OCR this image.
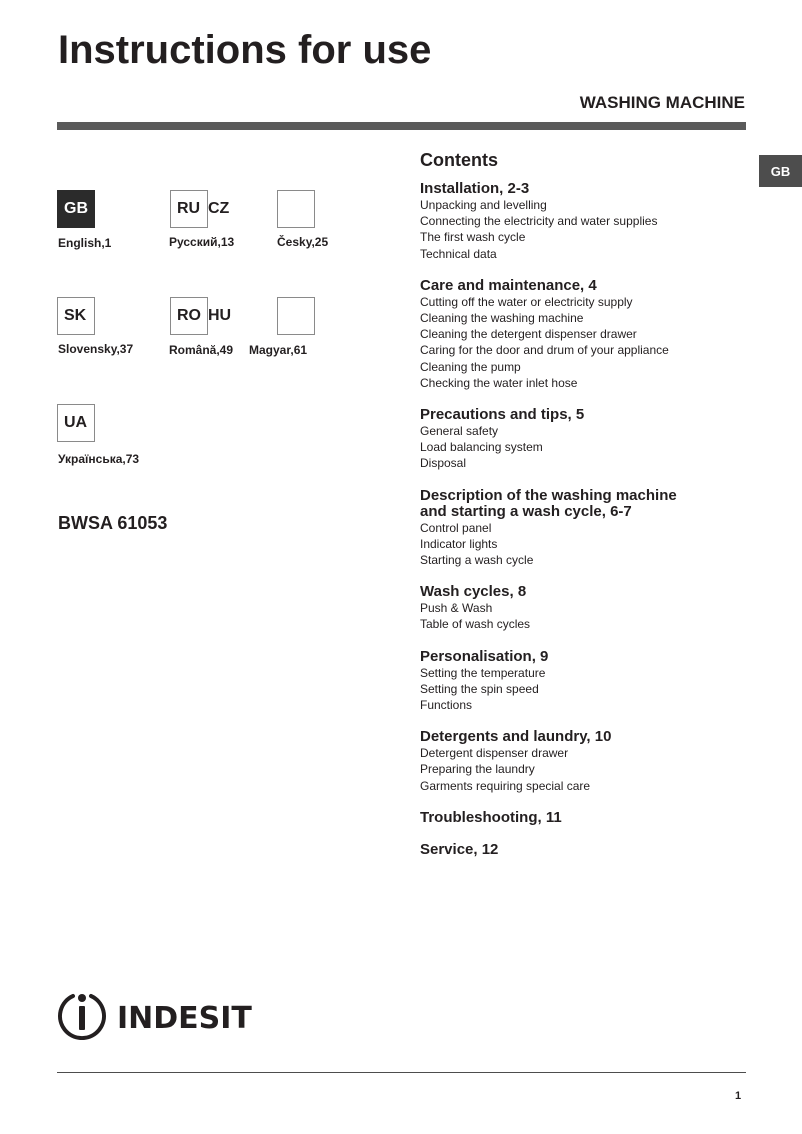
Instructions for use
WASHING MACHINE
GB
GB
English,1
RU CZ
Русский,13	Česky,25
SK
Slovensky,37
RO HU
Română,49 Magyar,61
UA
Українська,73
BWSA 61053
Contents
Installation, 2-3
Unpacking and levelling
Connecting the electricity and water supplies
The first wash cycle
Technical data
Care and maintenance, 4
Cutting off the water or electricity supply
Cleaning the washing machine
Cleaning the detergent dispenser drawer
Caring for the door and drum of your appliance
Cleaning the pump
Checking the water inlet hose
Precautions and tips, 5
General safety
Load balancing system
Disposal
Description of the washing machine
and starting a wash cycle, 6-7
Control panel
Indicator lights
Starting a wash cycle
Wash cycles, 8
Push & Wash
Table of wash cycles
Personalisation, 9
Setting the temperature
Setting the spin speed
Functions
Detergents and laundry, 10
Detergent dispenser drawer
Preparing the laundry
Garments requiring special care
Troubleshooting, 11
Service, 12
INDESIT
1
